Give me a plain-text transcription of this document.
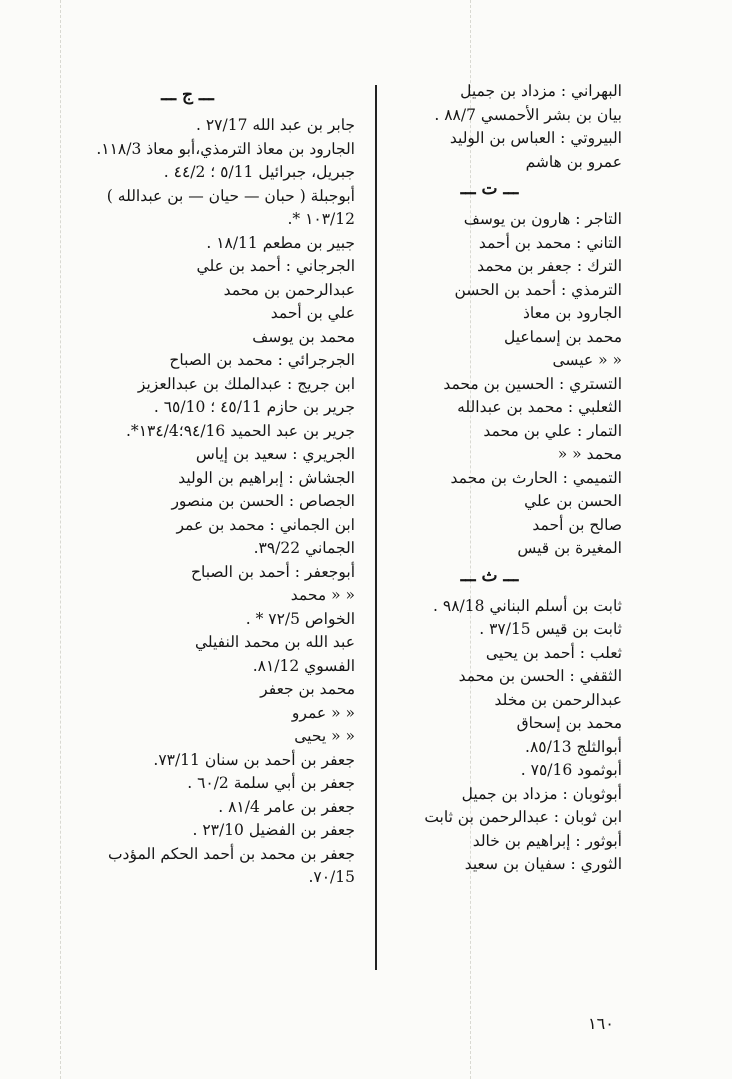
البهراني : مزداد بن جميل
بيان بن بشر الأحمسي ۸۸/7 .
البيروتي : العباس بن الوليد
عمرو بن هاشم
ـــ ت ـــ
التاجر : هارون بن يوسف
التاني : محمد بن أحمد
الترك : جعفر بن محمد
الترمذي : أحمد بن الحسن
الجارود بن معاذ
محمد بن إسماعيل
« « عيسى
التستري : الحسين بن محمد
الثعلبي : محمد بن عبدالله
التمار : علي بن محمد
محمد « «
التميمي : الحارث بن محمد
الحسن بن علي
صالح بن أحمد
المغيرة بن قيس
ـــ ث ـــ
ثابت بن أسلم البناني ۹۸/18 .
ثابت بن قيس ۳۷/15 .
ثعلب : أحمد بن يحيى
الثقفي : الحسن بن محمد
عبدالرحمن بن مخلد
محمد بن إسحاق
أبوالثلج ۸٥/13.
أبوثمود ۷٥/16 .
أبوثوبان : مزداد بن جميل
ابن ثوبان : عبدالرحمن بن ثابت
أبوثور : إبراهيم بن خالد
الثوري : سفيان بن سعيد
ـــ ج ـــ
جابر بن عبد الله ۲۷/17 .
الجارود بن معاذ الترمذي،أبو معاذ ۱۱۸/3.
جبريل، جبرائيل ٥/11 ؛ ٤٤/2 .
أبوجبلة ( حبان — حيان — بن عبدالله )
۱۰۳/12 *.
جبير بن مطعم ۱۸/11 .
الجرجاني : أحمد بن علي
عبدالرحمن بن محمد
علي بن أحمد
محمد بن يوسف
الجرجرائي : محمد بن الصباح
ابن جريج : عبدالملك بن عبدالعزيز
جرير بن حازم ٤٥/11 ؛ ٦٥/10 .
جرير بن عبد الحميد ۹٤/16؛۱۳٤/4*.
الجريري : سعيد بن إياس
الجشاش : إبراهيم بن الوليد
الجصاص : الحسن بن منصور
ابن الجماني : محمد بن عمر
الجماني ۳۹/22.
أبوجعفر : أحمد بن الصباح
« « محمد
الخواص ۷۲/5 * .
عبد الله بن محمد النفيلي
الفسوي ۸۱/12.
محمد بن جعفر
« « عمرو
« « يحيى
جعفر بن أحمد بن سنان ۷۳/11.
جعفر بن أبي سلمة ٦۰/2 .
جعفر بن عامر ۸۱/4 .
جعفر بن الفضيل ۲۳/10 .
جعفر بن محمد بن أحمد الحكم المؤدب
۷۰/15.
١٦٠
